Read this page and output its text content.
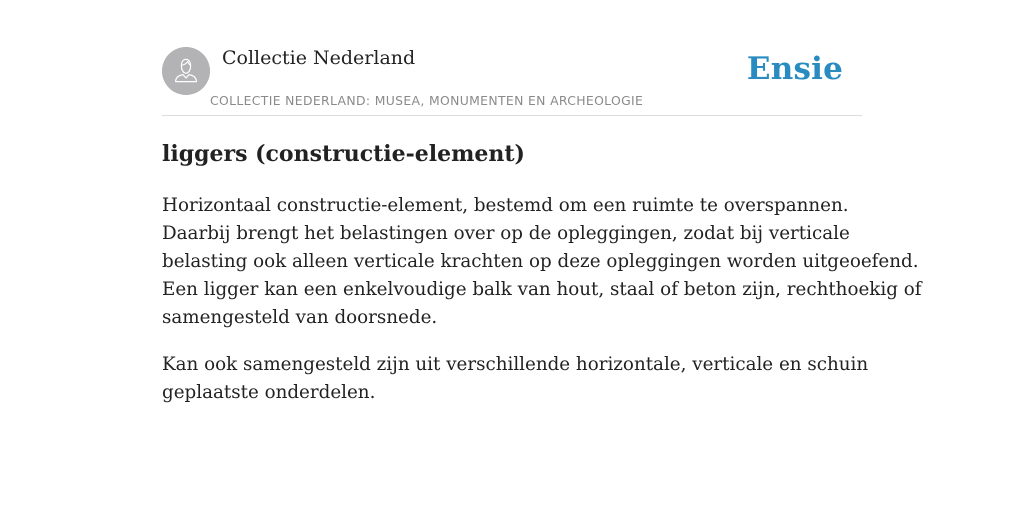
Collectie Nederland
COLLECTIE NEDERLAND: MUSEA, MONUMENTEN EN ARCHEOLOGIE
Ensie
liggers (constructie-element)

Horizontaal constructie-element, bestemd om een ruimte te overspannen.
Daarbij brengt het belastingen over op de opleggingen, zodat bij verticale
belasting ook alleen verticale krachten op deze opleggingen worden uitgeoefend.
Een ligger kan een enkelvoudige balk van hout, staal of beton zijn, rechthoekig of
samengesteld van doorsnede.

Kan ook samengesteld zijn uit verschillende horizontale, verticale en schuin
geplaatste onderdelen.
